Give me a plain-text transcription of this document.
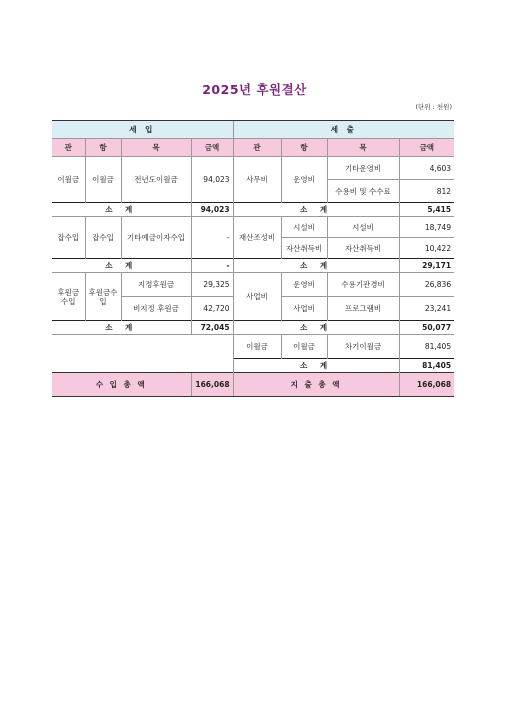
2025년 후원결산
(단위 : 천원)
세 입				세 출			
관	항	목	금액	관	항	목	금액
이월금	이월금	전년도이월금	94,023	사무비	운영비	기타운영비	4,603
						수용비 및 수수료	812
소 계			94,023	소 계			5,415
잡수입	잡수입	기타예금이자수입	-	재산조성비	시설비	시설비	18,749
					자산취득비	자산취득비	10,422
소 계			-	소 계			29,171
후원금수입	후원금수입	지정후원금	29,325	사업비	운영비	수용기관경비	26,836
		비지정 후원금	42,720		사업비	프로그램비	23,241
소 계			72,045	소 계			50,077
				이월금	이월금	차기이월금	81,405
				소 계			81,405
수 입 총 액			166,068	지 출 총 액			166,068
